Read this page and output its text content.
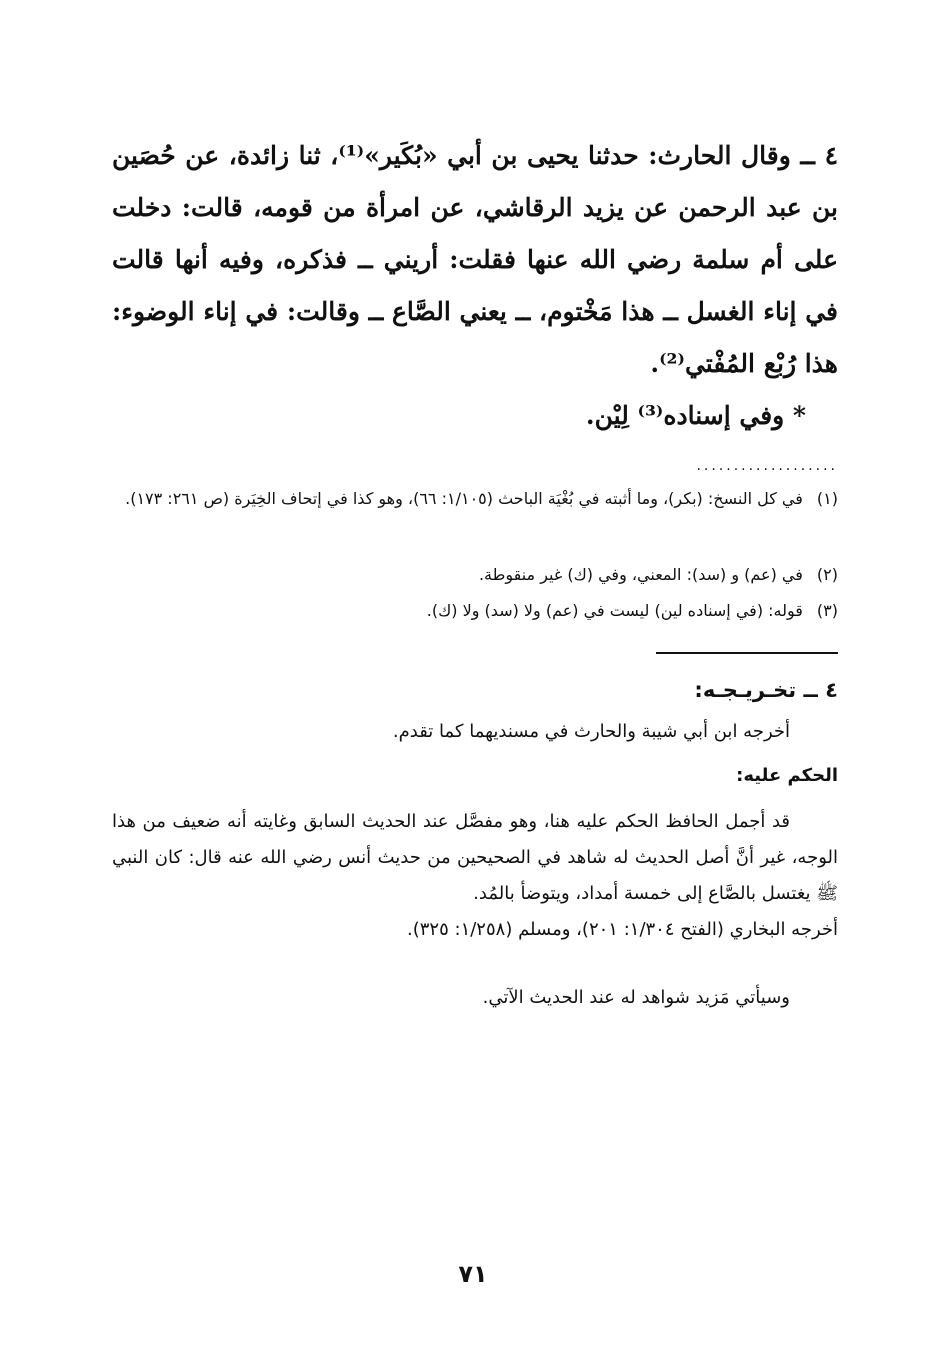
٤ ــ وقال الحارث: حدثنا يحيى بن أبي «بُكَير»⁽¹⁾، ثنا زائدة، عن حُصَين بن عبد الرحمن عن يزيد الرقاشي، عن امرأة من قومه، قالت: دخلت على أم سلمة رضي الله عنها فقلت: أريني ــ فذكره، وفيه أنها قالت في إناء الغسل ــ هذا مَخْتوم، ــ يعني الصَّاع ــ وقالت: في إناء الوضوء: هذا رُبْع المُفْتي⁽²⁾.

* وفي إسناده⁽³⁾ لِيْن.

...................
(١)في كل النسخ: (بكر)، وما أثبته في بُغْيَة الباحث (١/١٠٥: ٦٦)، وهو كذا في إتحاف الخِيَرة (ص ٢٦١: ١٧٣).
(٢)في (عم) و (سد): المعني، وفي (ك) غير منقوطة.
(٣)قوله: (في إسناده لين) ليست في (عم) ولا (سد) ولا (ك).
٤ ــ تخـريـجـه:
أخرجه ابن أبي شيبة والحارث في مسنديهما كما تقدم.
الحكم عليه:
قد أجمل الحافظ الحكم عليه هنا، وهو مفصَّل عند الحديث السابق وغايته أنه ضعيف من هذا الوجه، غير أنَّ أصل الحديث له شاهد في الصحيحين من حديث أنس رضي الله عنه قال: كان النبي ﷺ يغتسل بالصَّاع إلى خمسة أمداد، ويتوضأ بالمُد.
أخرجه البخاري (الفتح ١/٣٠٤: ٢٠١)، ومسلم (١/٢٥٨: ٣٢٥).
وسيأتي مَزيد شواهد له عند الحديث الآتي.
٧١
